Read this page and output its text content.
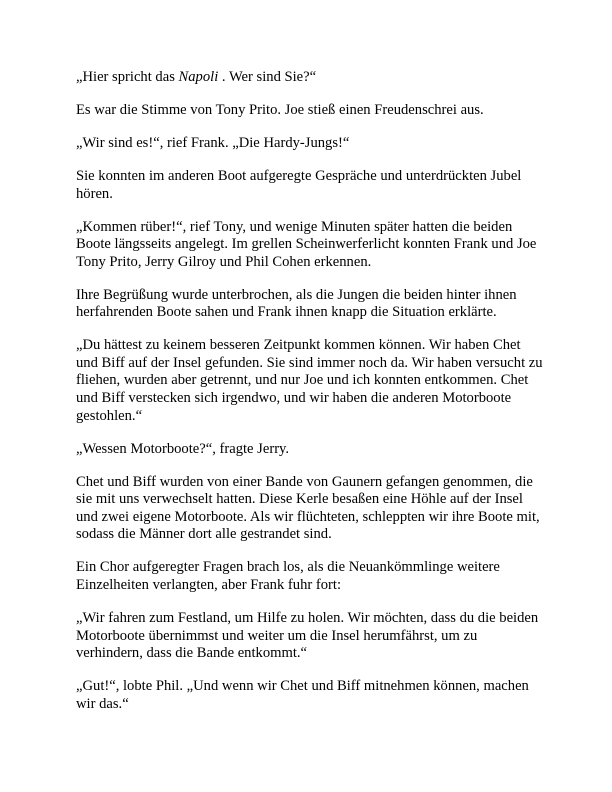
„Hier spricht das Napoli . Wer sind Sie?“

Es war die Stimme von Tony Prito. Joe stieß einen Freudenschrei aus.

„Wir sind es!“, rief Frank. „Die Hardy-Jungs!“

Sie konnten im anderen Boot aufgeregte Gespräche und unterdrückten Jubel hören.

„Kommen rüber!“, rief Tony, und wenige Minuten später hatten die beiden Boote längsseits angelegt. Im grellen Scheinwerferlicht konnten Frank und Joe Tony Prito, Jerry Gilroy und Phil Cohen erkennen.

Ihre Begrüßung wurde unterbrochen, als die Jungen die beiden hinter ihnen herfahrenden Boote sahen und Frank ihnen knapp die Situation erklärte.

„Du hättest zu keinem besseren Zeitpunkt kommen können. Wir haben Chet und Biff auf der Insel gefunden. Sie sind immer noch da. Wir haben versucht zu fliehen, wurden aber getrennt, und nur Joe und ich konnten entkommen. Chet und Biff verstecken sich irgendwo, und wir haben die anderen Motorboote gestohlen.“

„Wessen Motorboote?“, fragte Jerry.

Chet und Biff wurden von einer Bande von Gaunern gefangen genommen, die sie mit uns verwechselt hatten. Diese Kerle besaßen eine Höhle auf der Insel und zwei eigene Motorboote. Als wir flüchteten, schleppten wir ihre Boote mit, sodass die Männer dort alle gestrandet sind.

Ein Chor aufgeregter Fragen brach los, als die Neuankömmlinge weitere Einzelheiten verlangten, aber Frank fuhr fort:

„Wir fahren zum Festland, um Hilfe zu holen. Wir möchten, dass du die beiden Motorboote übernimmst und weiter um die Insel herumfährst, um zu verhindern, dass die Bande entkommt.“

„Gut!“, lobte Phil. „Und wenn wir Chet und Biff mitnehmen können, machen wir das.“
